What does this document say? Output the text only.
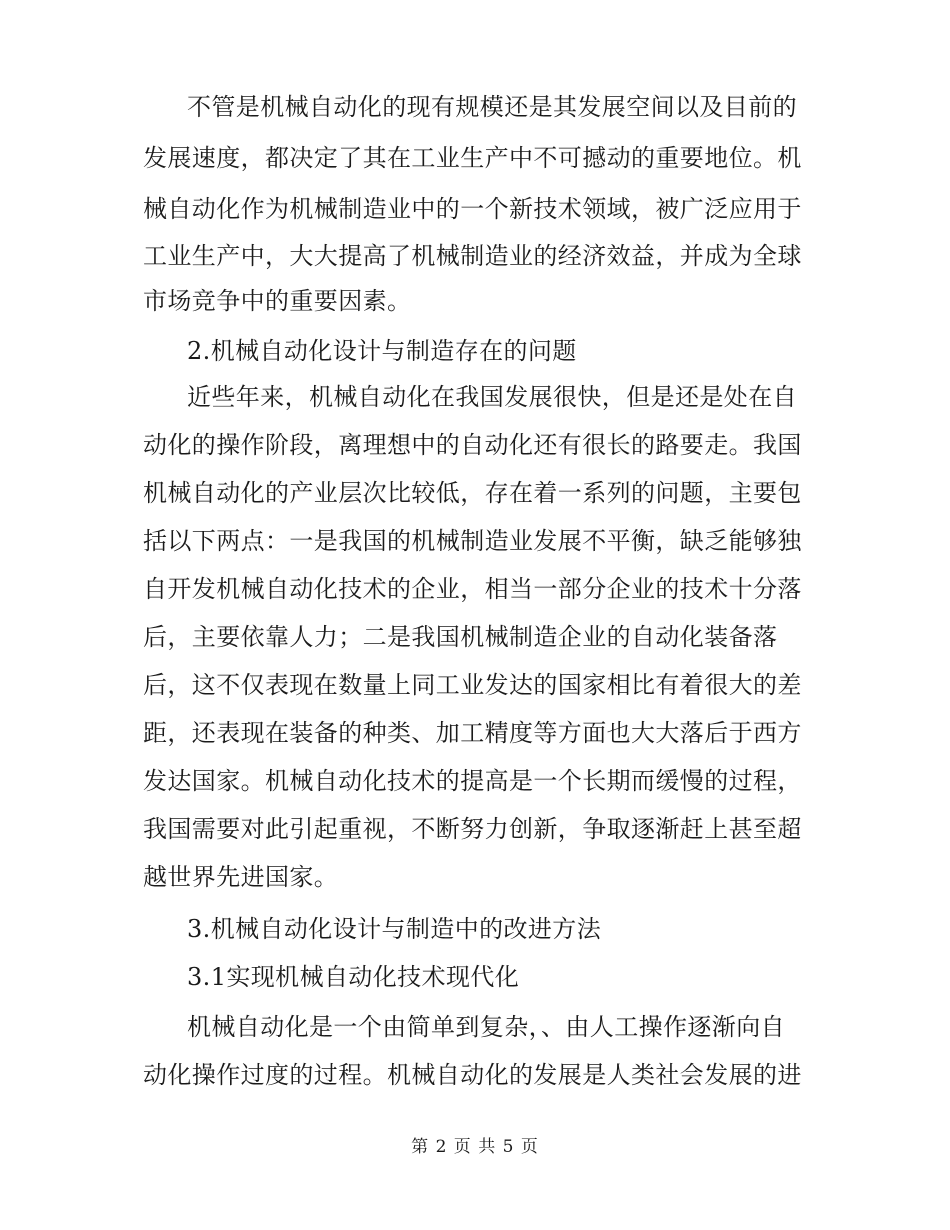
不管是机械自动化的现有规模还是其发展空间以及目前的
发展速度，都决定了其在工业生产中不可撼动的重要地位。机
械自动化作为机械制造业中的一个新技术领域，被广泛应用于
工业生产中，大大提高了机械制造业的经济效益，并成为全球
市场竞争中的重要因素。
2.机械自动化设计与制造存在的问题
近些年来，机械自动化在我国发展很快，但是还是处在自
动化的操作阶段，离理想中的自动化还有很长的路要走。我国
机械自动化的产业层次比较低，存在着一系列的问题，主要包
括以下两点：一是我国的机械制造业发展不平衡，缺乏能够独
自开发机械自动化技术的企业，相当一部分企业的技术十分落
后，主要依靠人力；二是我国机械制造企业的自动化装备落
后，这不仅表现在数量上同工业发达的国家相比有着很大的差
距，还表现在装备的种类、加工精度等方面也大大落后于西方
发达国家。机械自动化技术的提高是一个长期而缓慢的过程，
我国需要对此引起重视，不断努力创新，争取逐渐赶上甚至超
越世界先进国家。
3.机械自动化设计与制造中的改进方法
3.1实现机械自动化技术现代化
机械自动化是一个由简单到复杂，、由人工操作逐渐向自
动化操作过度的过程。机械自动化的发展是人类社会发展的进
第 2 页 共 5 页
